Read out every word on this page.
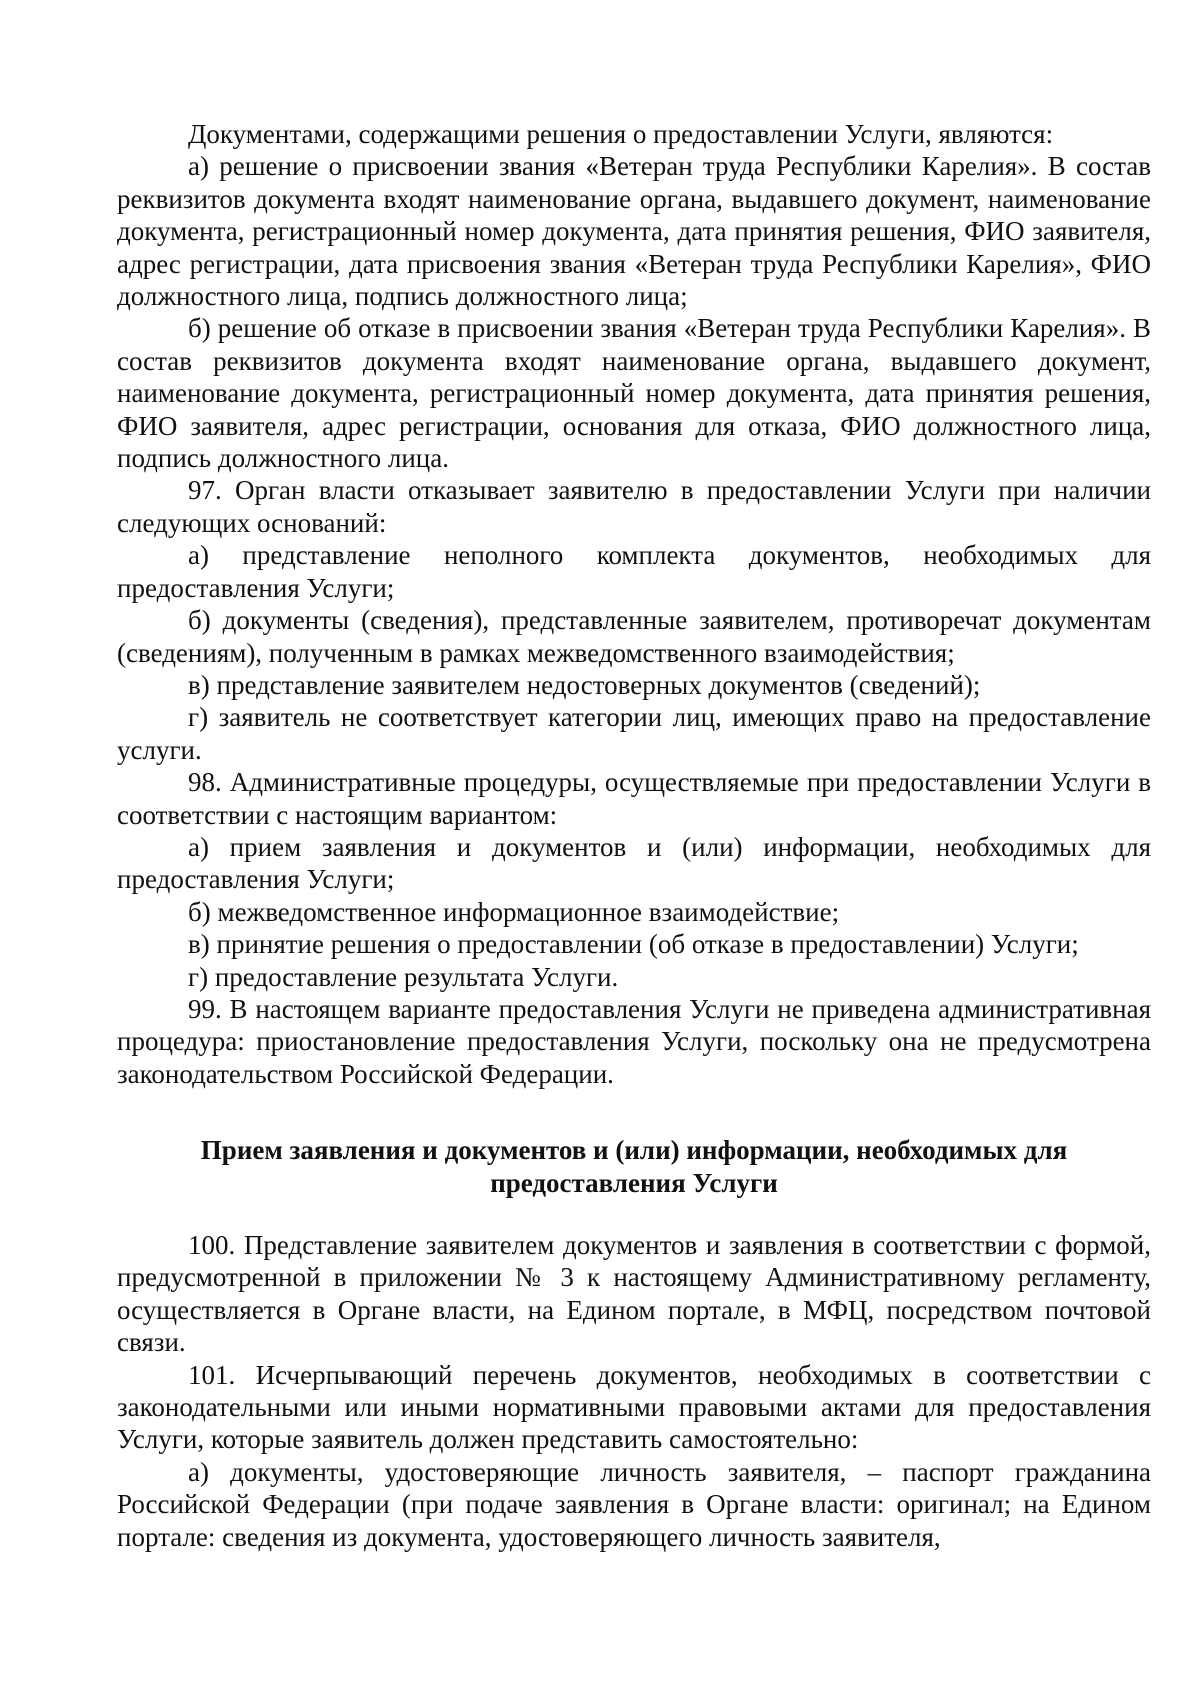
Документами, содержащими решения о предоставлении Услуги, являются:

а) решение о присвоении звания «Ветеран труда Республики Карелия». В состав реквизитов документа входят наименование органа, выдавшего документ, наименование документа, регистрационный номер документа, дата принятия решения, ФИО заявителя, адрес регистрации, дата присвоения звания «Ветеран труда Республики Карелия», ФИО должностного лица, подпись должностного лица;

б) решение об отказе в присвоении звания «Ветеран труда Республики Карелия». В состав реквизитов документа входят наименование органа, выдавшего документ, наименование документа, регистрационный номер документа, дата принятия решения, ФИО заявителя, адрес регистрации, основания для отказа, ФИО должностного лица, подпись должностного лица.

97. Орган власти отказывает заявителю в предоставлении Услуги при наличии следующих оснований:

а) представление неполного комплекта документов, необходимых для предоставления Услуги;

б) документы (сведения), представленные заявителем, противоречат документам (сведениям), полученным в рамках межведомственного взаимодействия;

в) представление заявителем недостоверных документов (сведений);

г) заявитель не соответствует категории лиц, имеющих право на предоставление услуги.

98. Административные процедуры, осуществляемые при предоставлении Услуги в соответствии с настоящим вариантом:

а) прием заявления и документов и (или) информации, необходимых для предоставления Услуги;

б) межведомственное информационное взаимодействие;

в) принятие решения о предоставлении (об отказе в предоставлении) Услуги;

г) предоставление результата Услуги.

99. В настоящем варианте предоставления Услуги не приведена административная процедура: приостановление предоставления Услуги, поскольку она не предусмотрена законодательством Российской Федерации.

Прием заявления и документов и (или) информации, необходимых для
предоставления Услуги

100. Представление заявителем документов и заявления в соответствии с формой, предусмотренной в приложении № 3 к настоящему Административному регламенту, осуществляется в Органе власти, на Едином портале, в МФЦ, посредством почтовой связи.

101. Исчерпывающий перечень документов, необходимых в соответствии с законодательными или иными нормативными правовыми актами для предоставления Услуги, которые заявитель должен представить самостоятельно:

а) документы, удостоверяющие личность заявителя, – паспорт гражданина Российской Федерации (при подаче заявления в Органе власти: оригинал; на Едином портале: сведения из документа, удостоверяющего личность заявителя,
